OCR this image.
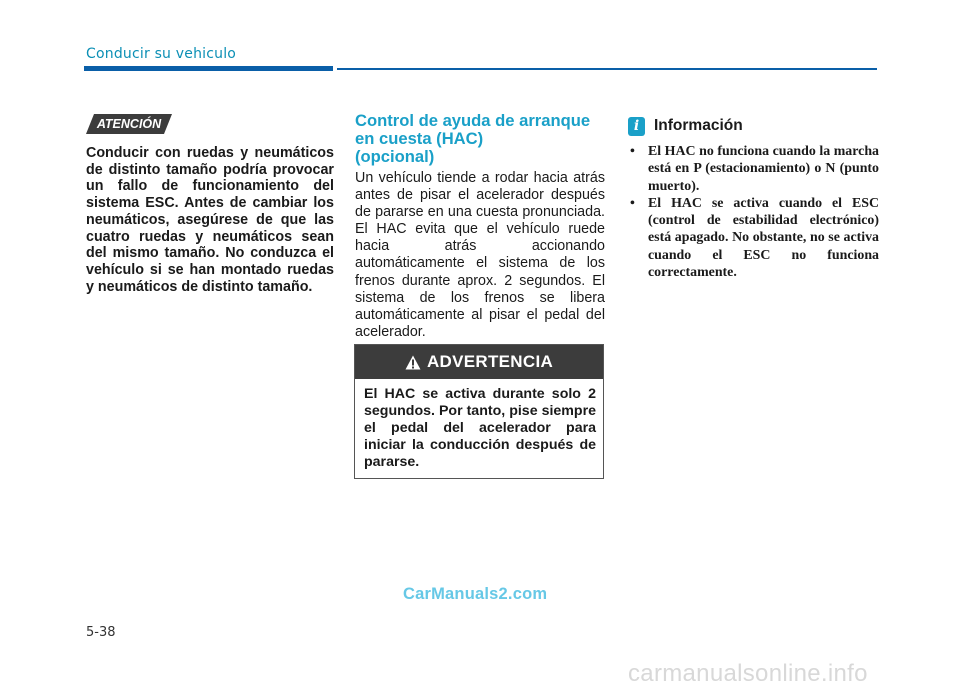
Conducir su vehiculo
ATENCIÓN
Conducir con ruedas y neumáticos de distinto tamaño podría provocar un fallo de funcionamiento del sistema ESC. Antes de cambiar los neumáticos, asegúrese de que las cuatro ruedas y neumáticos sean del mismo tamaño. No conduzca el vehículo si se han montado ruedas y neumáticos de distinto tamaño.
Control de ayuda de arranque
en cuesta (HAC)
(opcional)
Un vehículo tiende a rodar hacia atrás antes de pisar el acelerador después de pararse en una cuesta pronunciada. El HAC evita que el vehículo ruede hacia atrás accionando automáticamente el sistema de los frenos durante aprox. 2 segundos. El sistema de los frenos se libera automáticamente al pisar el pedal del acelerador.
ADVERTENCIA
El HAC se activa durante solo 2 segundos. Por tanto, pise siempre el pedal del acelerador para iniciar la conducción después de pararse.
i Información
• El HAC no funciona cuando la marcha está en P (estacionamiento) o N (punto muerto).
• El HAC se activa cuando el ESC (control de estabilidad electrónico) está apagado. No obstante, no se activa cuando el ESC no funciona correctamente.
CarManuals2.com
5-38
carmanualsonline.info
